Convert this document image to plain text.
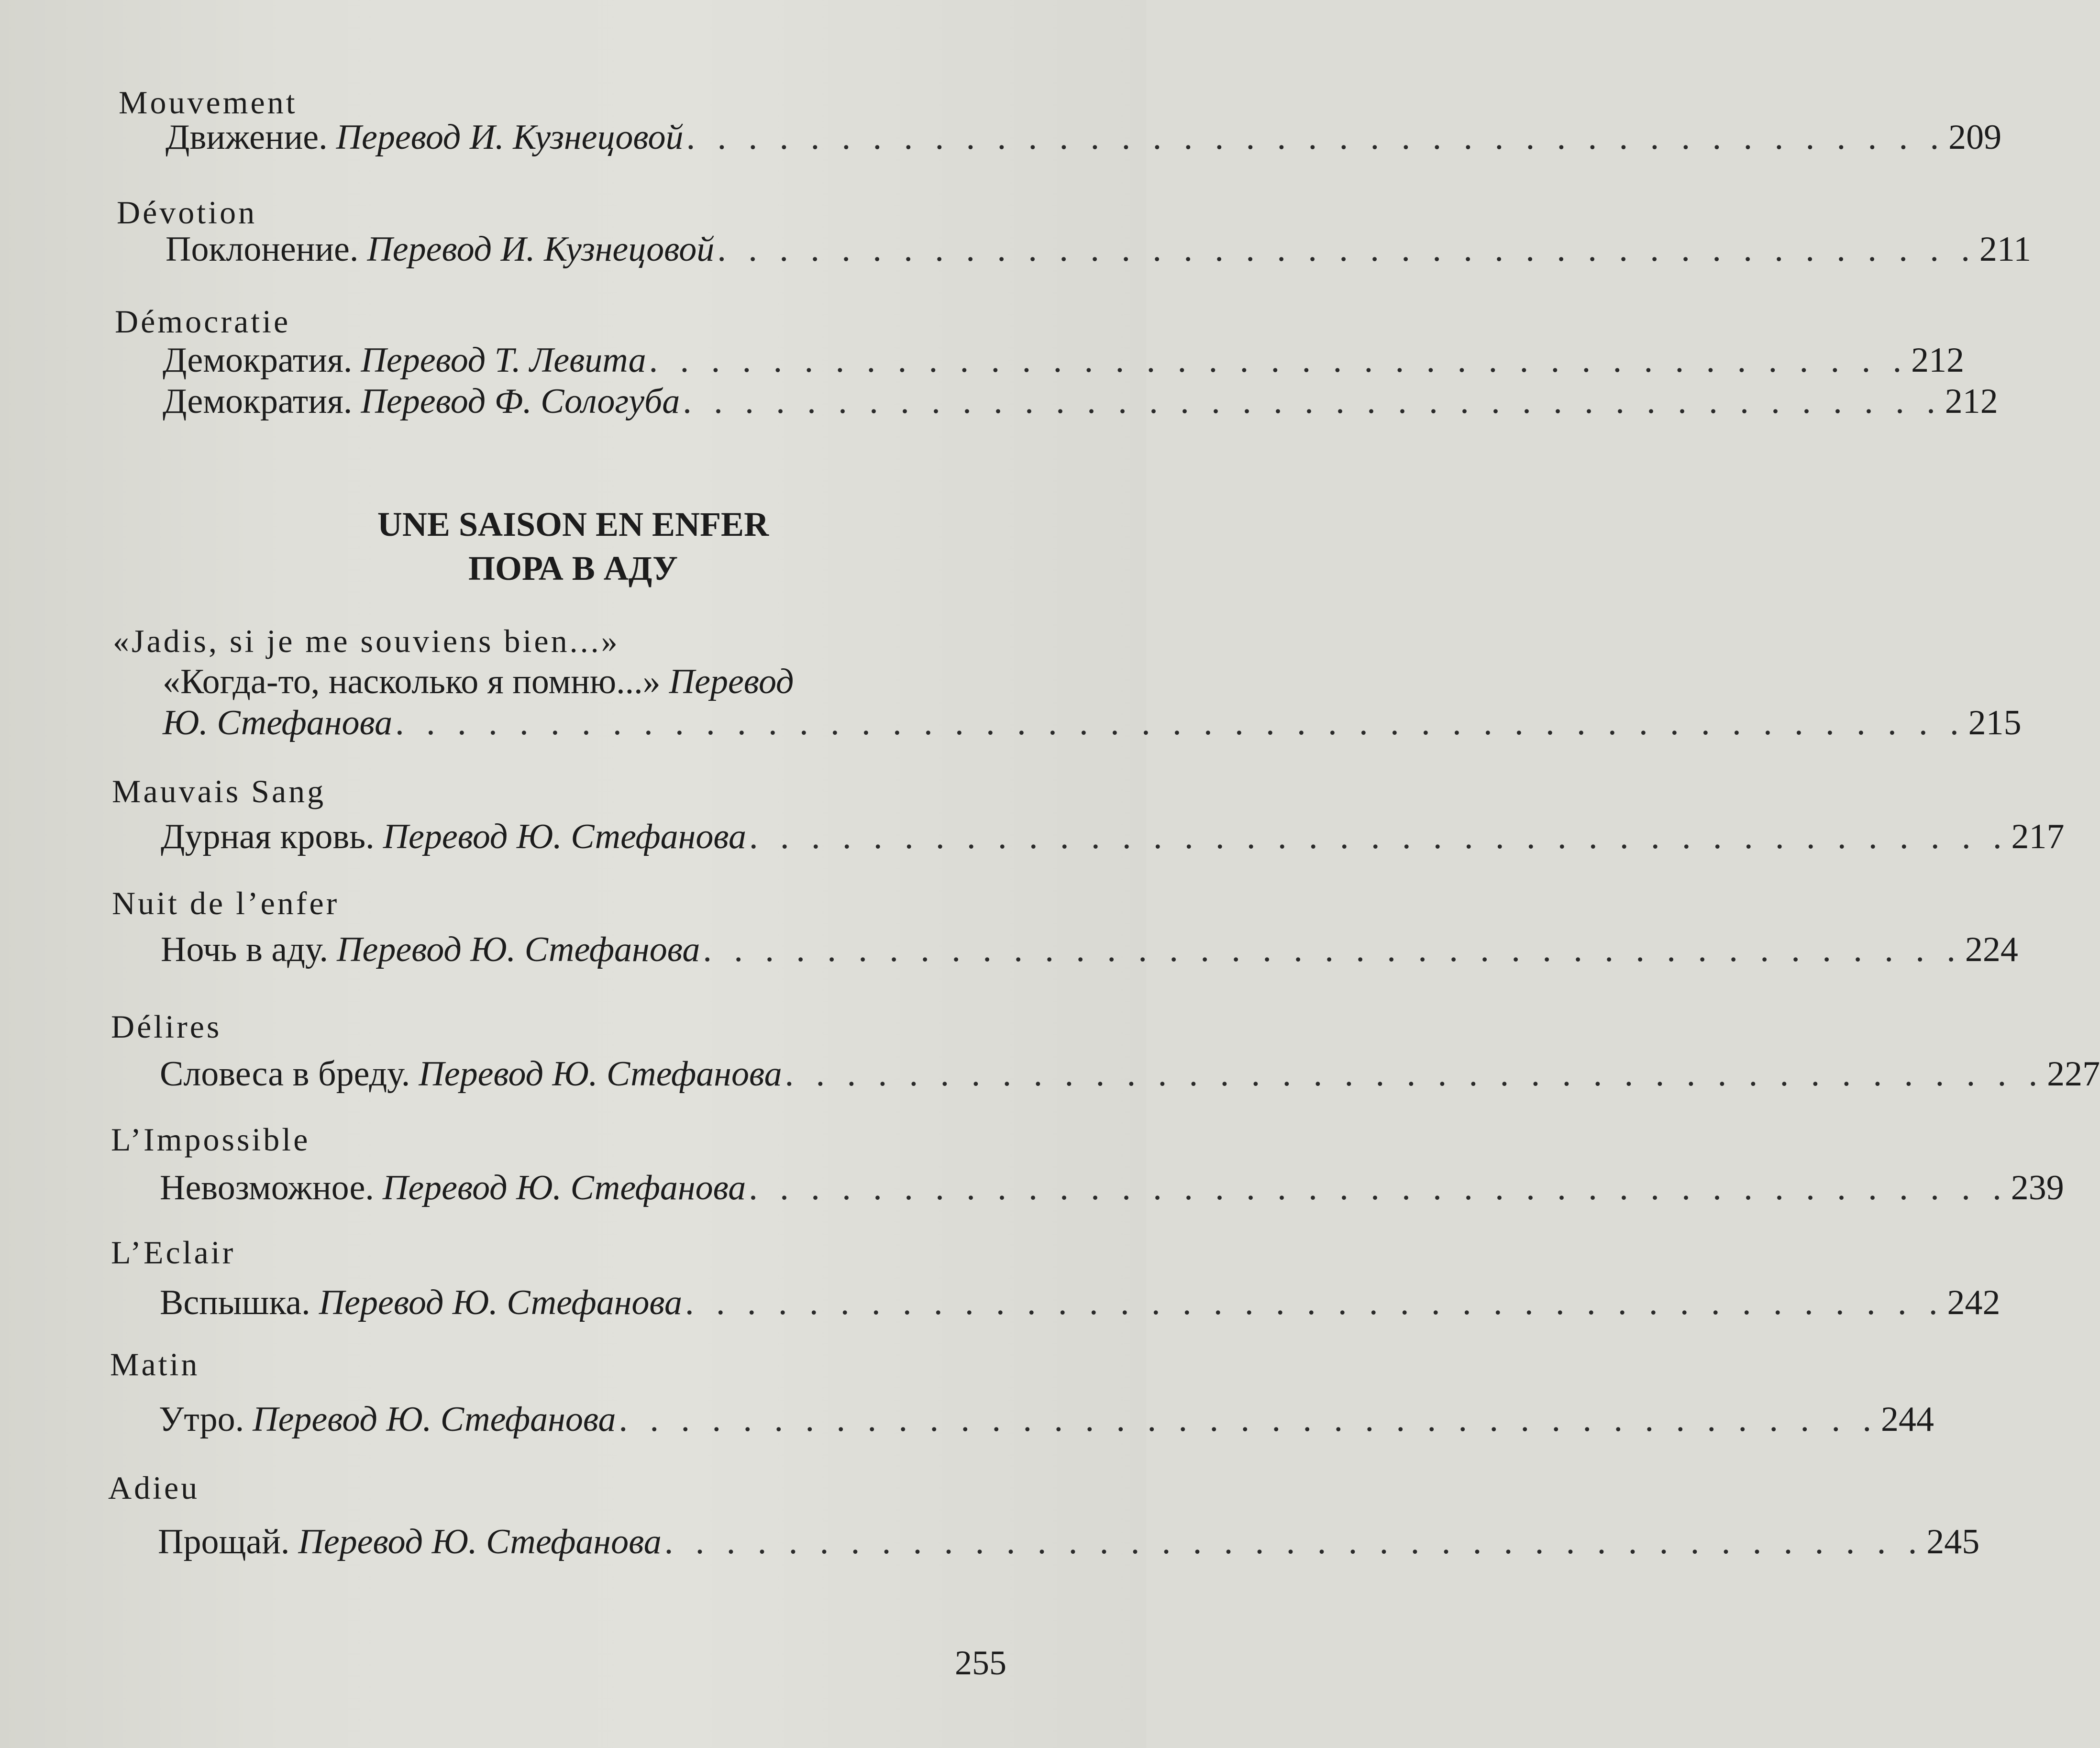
Mouvement
Движение. Перевод И. Кузнецовой . . . . . . . . . . . . . . . . . . . . . . . . . . . . . . . . . . . . . . . . . 209
Dévotion
Поклонение. Перевод И. Кузнецовой . . . . . . . . . . . . . . . . . . . . . . . . . . . . . . . . . . . . . . . . . 211
Démocratie
Демократия. Перевод Т. Левита . . . . . . . . . . . . . . . . . . . . . . . . . . . . . . . . . . . . . . . . . 212
Демократия. Перевод Ф. Сологуба . . . . . . . . . . . . . . . . . . . . . . . . . . . . . . . . . . . . . . . . . 212
UNE SAISON EN ENFER
ПОРА В АДУ
«Jadis, si je me souviens bien...»
«Когда-то, насколько я помню...» Перевод
Ю. Стефанова . . . . . . . . . . . . . . . . . . . . . . . . . . . . . . . . . . . . . . . . . . . . . . . . . . . 215
Mauvais Sang
Дурная кровь. Перевод Ю. Стефанова . . . . . . . . . . . . . . . . . . . . . . . . . . . . . . . . . . . . . . . . . 217
Nuit de l’enfer
Ночь в аду. Перевод Ю. Стефанова . . . . . . . . . . . . . . . . . . . . . . . . . . . . . . . . . . . . . . . . . 224
Délires
Словеса в бреду. Перевод Ю. Стефанова . . . . . . . . . . . . . . . . . . . . . . . . . . . . . . . . . . . . . . . . . 227
L’Impossible
Невозможное. Перевод Ю. Стефанова . . . . . . . . . . . . . . . . . . . . . . . . . . . . . . . . . . . . . . . . . 239
L’Eclair
Вспышка. Перевод Ю. Стефанова . . . . . . . . . . . . . . . . . . . . . . . . . . . . . . . . . . . . . . . . . 242
Matin
Утро. Перевод Ю. Стефанова . . . . . . . . . . . . . . . . . . . . . . . . . . . . . . . . . . . . . . . . . 244
Adieu
Прощай. Перевод Ю. Стефанова . . . . . . . . . . . . . . . . . . . . . . . . . . . . . . . . . . . . . . . . . 245
255
